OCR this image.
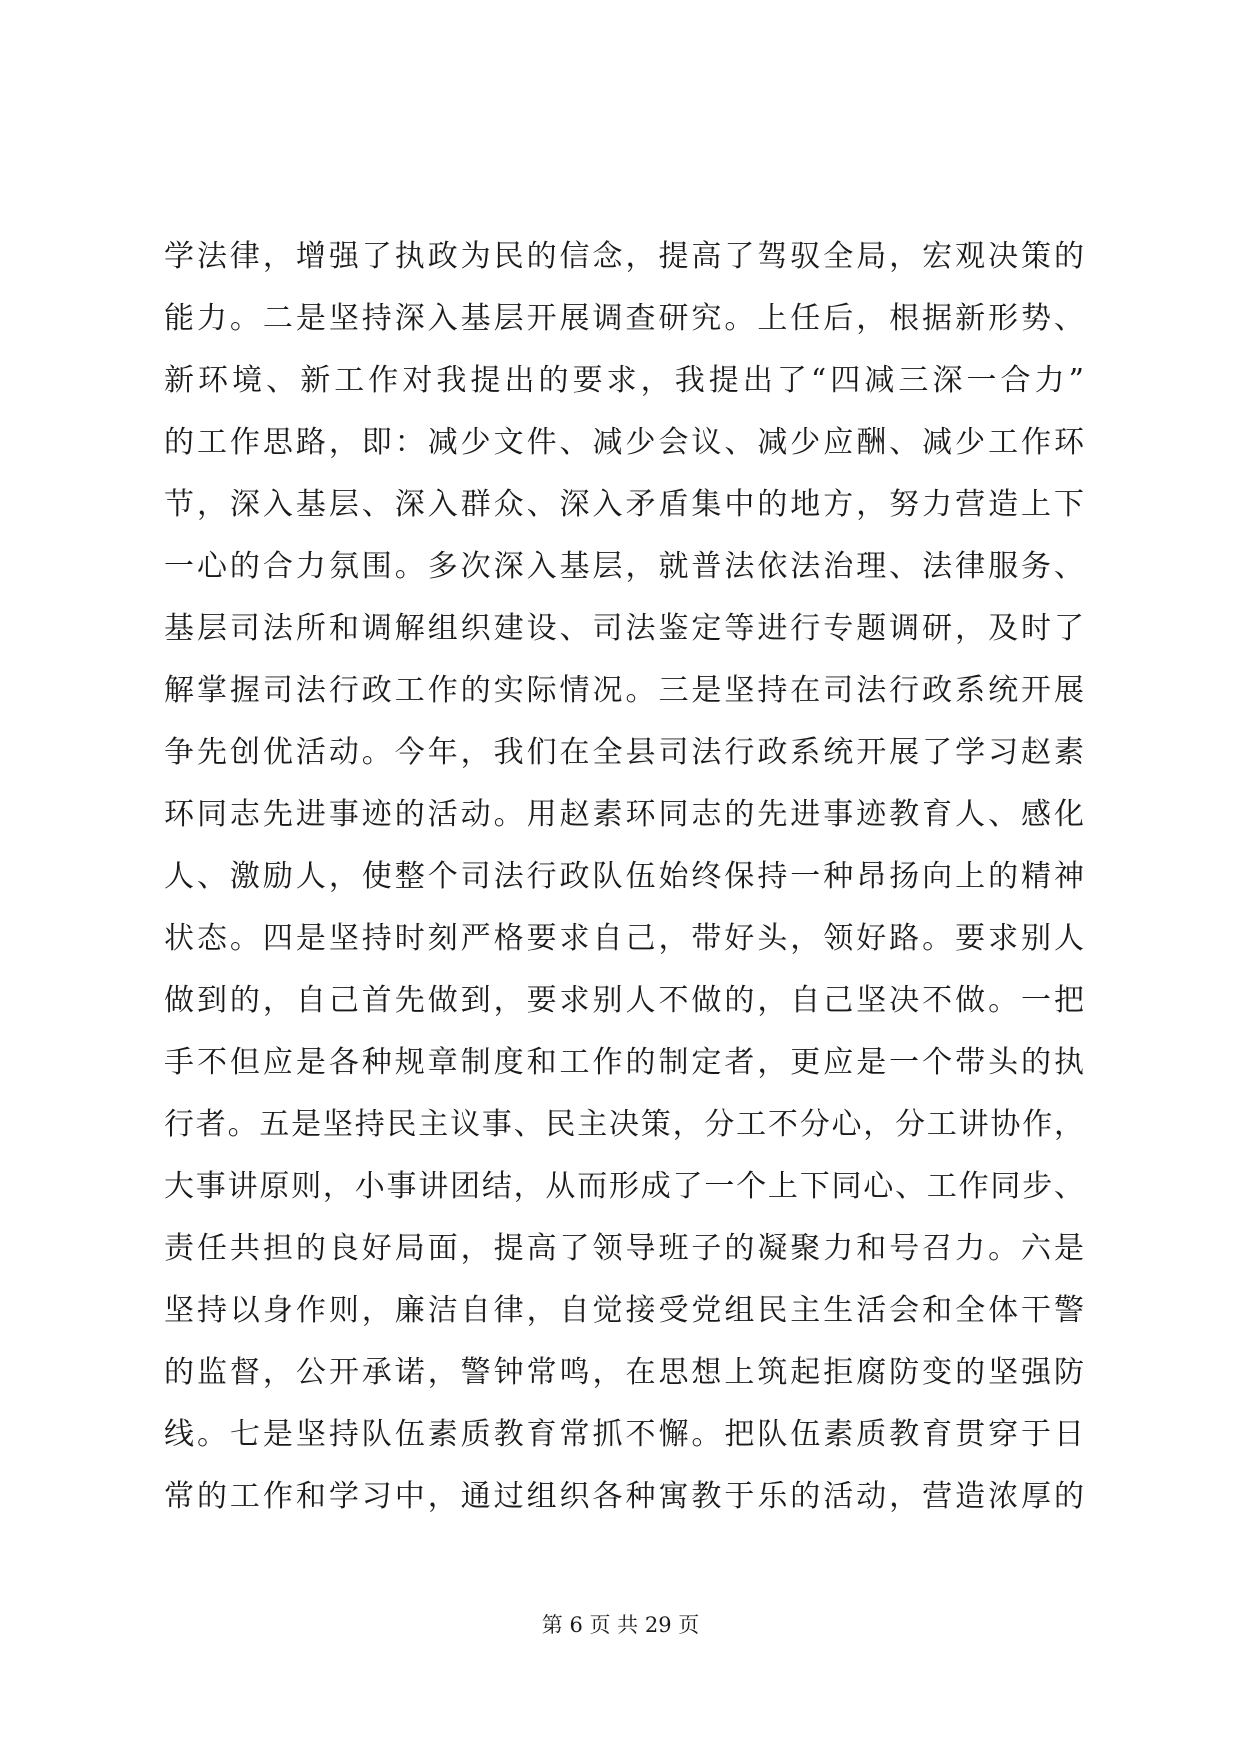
学法律，增强了执政为民的信念，提高了驾驭全局，宏观决策的
能力。二是坚持深入基层开展调查研究。上任后，根据新形势、
新环境、新工作对我提出的要求，我提出了“四减三深一合力”
的工作思路，即：减少文件、减少会议、减少应酬、减少工作环
节，深入基层、深入群众、深入矛盾集中的地方，努力营造上下
一心的合力氛围。多次深入基层，就普法依法治理、法律服务、
基层司法所和调解组织建设、司法鉴定等进行专题调研，及时了
解掌握司法行政工作的实际情况。三是坚持在司法行政系统开展
争先创优活动。今年，我们在全县司法行政系统开展了学习赵素
环同志先进事迹的活动。用赵素环同志的先进事迹教育人、感化
人、激励人，使整个司法行政队伍始终保持一种昂扬向上的精神
状态。四是坚持时刻严格要求自己，带好头，领好路。要求别人
做到的，自己首先做到，要求别人不做的，自己坚决不做。一把
手不但应是各种规章制度和工作的制定者，更应是一个带头的执
行者。五是坚持民主议事、民主决策，分工不分心，分工讲协作，
大事讲原则，小事讲团结，从而形成了一个上下同心、工作同步、
责任共担的良好局面，提高了领导班子的凝聚力和号召力。六是
坚持以身作则，廉洁自律，自觉接受党组民主生活会和全体干警
的监督，公开承诺，警钟常鸣，在思想上筑起拒腐防变的坚强防
线。七是坚持队伍素质教育常抓不懈。把队伍素质教育贯穿于日
常的工作和学习中，通过组织各种寓教于乐的活动，营造浓厚的
第 6 页 共 29 页
